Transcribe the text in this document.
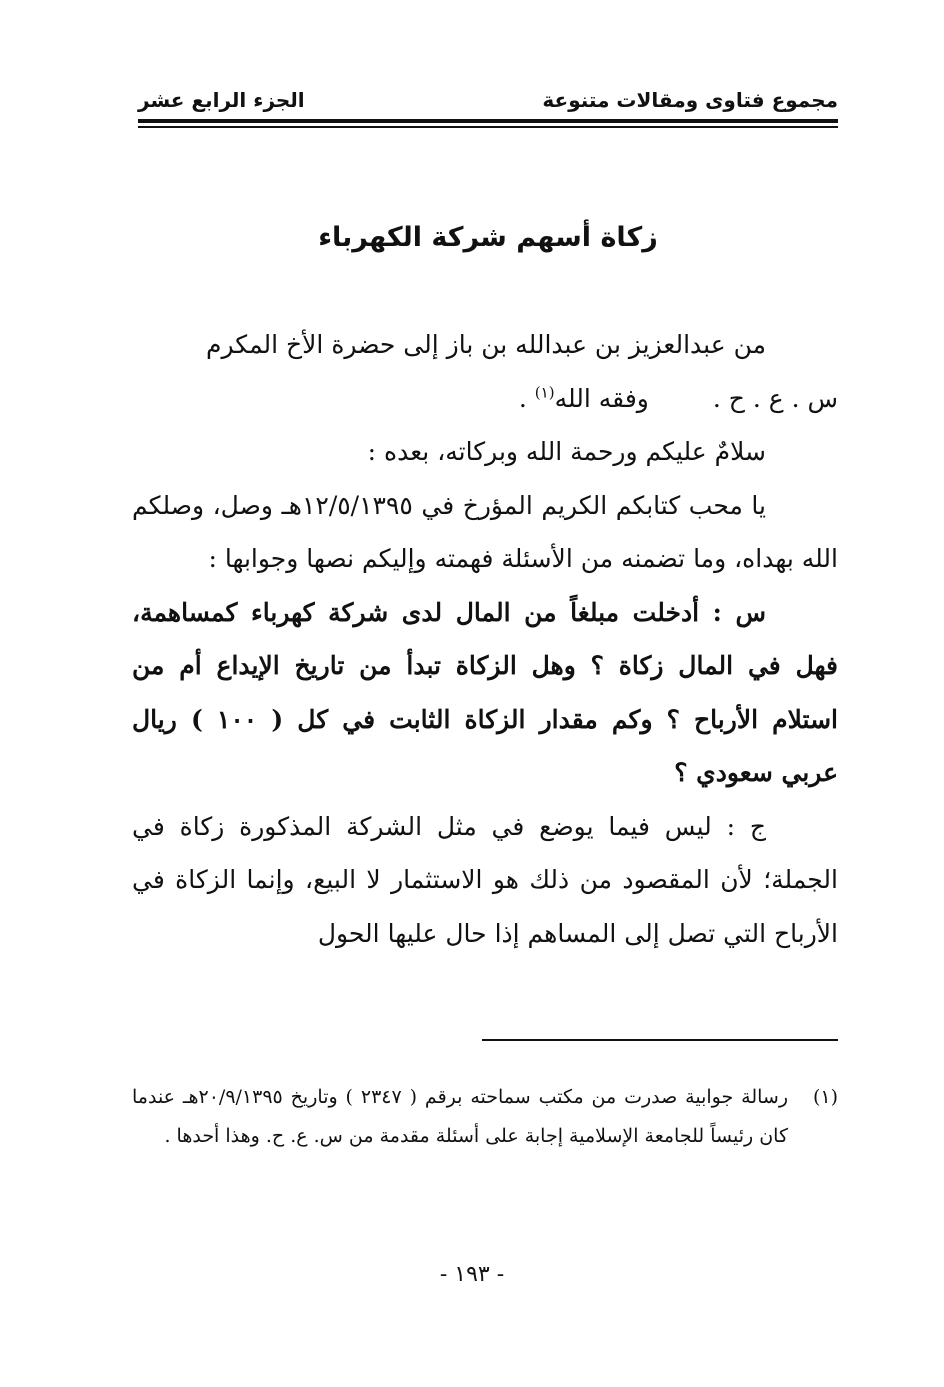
مجموع فتاوى ومقالات متنوعة
الجزء الرابع عشر
زكاة أسهم شركة الكهرباء

من عبدالعزيز بن عبدالله بن باز إلى حضرة الأخ المكرم

س . ع . ح .
وفقه الله$^{(١)}$ .

سلامٌ عليكم ورحمة الله وبركاته، بعده :

يا محب كتابكم الكريم المؤرخ في ١٢/٥/١٣٩٥هـ وصل، وصلكم الله بهداه، وما تضمنه من الأسئلة فهمته وإليكم نصها وجوابها :

س : أدخلت مبلغاً من المال لدى شركة كهرباء كمساهمة، فهل في المال زكاة ؟ وهل الزكاة تبدأ من تاريخ الإيداع أم من استلام الأرباح ؟ وكم مقدار الزكاة الثابت في كل ( ١٠٠ ) ريال عربي سعودي ؟

ج : ليس فيما يوضع في مثل الشركة المذكورة زكاة في الجملة؛ لأن المقصود من ذلك هو الاستثمار لا البيع، وإنما الزكاة في الأرباح التي تصل إلى المساهم إذا حال عليها الحول

(١)
رسالة جوابية صدرت من مكتب سماحته برقم ( ٢٣٤٧ ) وتاريخ ٢٠/٩/١٣٩٥هـ عندما كان رئيساً للجامعة الإسلامية إجابة على أسئلة مقدمة من س. ع. ح. وهذا أحدها .

- ١٩٣ -
